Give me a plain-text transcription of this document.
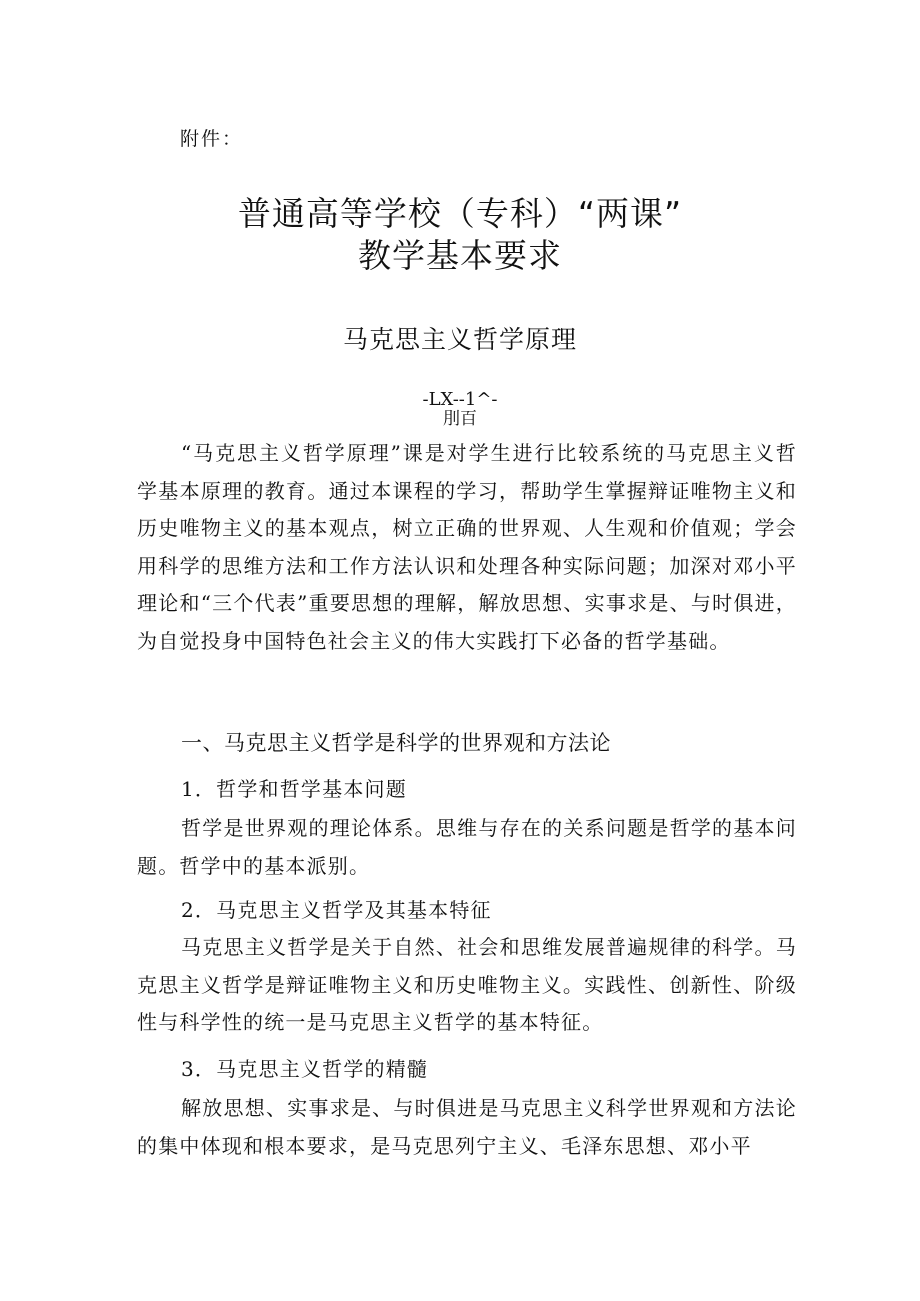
附件：
普通高等学校（专科）“两课”
教学基本要求
马克思主义哲学原理
-LX--1^-
刖百

“马克思主义哲学原理”课是对学生进行比较系统的马克思主义哲学基本原理的教育。通过本课程的学习，帮助学生掌握辩证唯物主义和历史唯物主义的基本观点，树立正确的世界观、人生观和价值观；学会用科学的思维方法和工作方法认识和处理各种实际问题；加深对邓小平理论和“三个代表”重要思想的理解，解放思想、实事求是、与时俱进，为自觉投身中国特色社会主义的伟大实践打下必备的哲学基础。

一、马克思主义哲学是科学的世界观和方法论
1．哲学和哲学基本问题

哲学是世界观的理论体系。思维与存在的关系问题是哲学的基本问题。哲学中的基本派别。

2．马克思主义哲学及其基本特征

马克思主义哲学是关于自然、社会和思维发展普遍规律的科学。马克思主义哲学是辩证唯物主义和历史唯物主义。实践性、创新性、阶级性与科学性的统一是马克思主义哲学的基本特征。

3．马克思主义哲学的精髓

解放思想、实事求是、与时俱进是马克思主义科学世界观和方法论的集中体现和根本要求，是马克思列宁主义、毛泽东思想、邓小平
